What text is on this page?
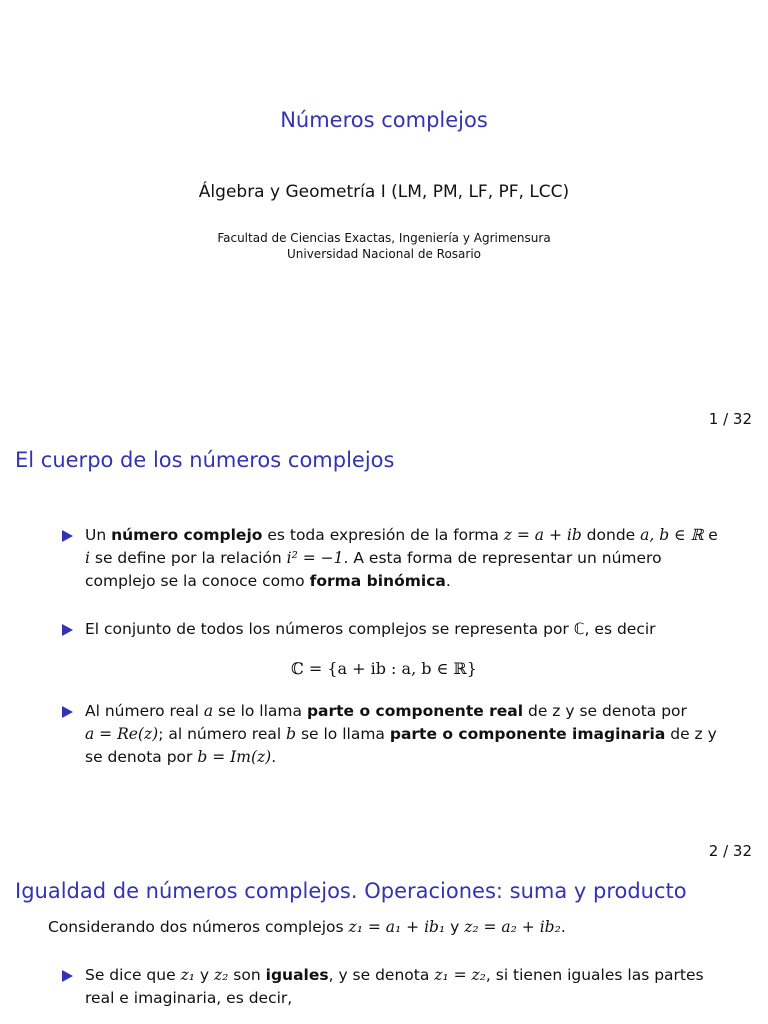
Números complejos
Álgebra y Geometría I (LM, PM, LF, PF, LCC)
Facultad de Ciencias Exactas, Ingeniería y Agrimensura
Universidad Nacional de Rosario
1 / 32
El cuerpo de los números complejos
Un número complejo es toda expresión de la forma z = a + ib donde a, b ∈ ℝ e
i se define por la relación i² = −1. A esta forma de representar un número
complejo se la conoce como forma binómica.
El conjunto de todos los números complejos se representa por ℂ, es decir
ℂ = {a + ib : a, b ∈ ℝ}
Al número real a se lo llama parte o componente real de z y se denota por
a = Re(z); al número real b se lo llama parte o componente imaginaria de z y
se denota por b = Im(z).
2 / 32
Igualdad de números complejos. Operaciones: suma y producto
Considerando dos números complejos z₁ = a₁ + ib₁ y z₂ = a₂ + ib₂.
Se dice que z₁ y z₂ son iguales, y se denota z₁ = z₂, si tienen iguales las partes
real e imaginaria, es decir,
